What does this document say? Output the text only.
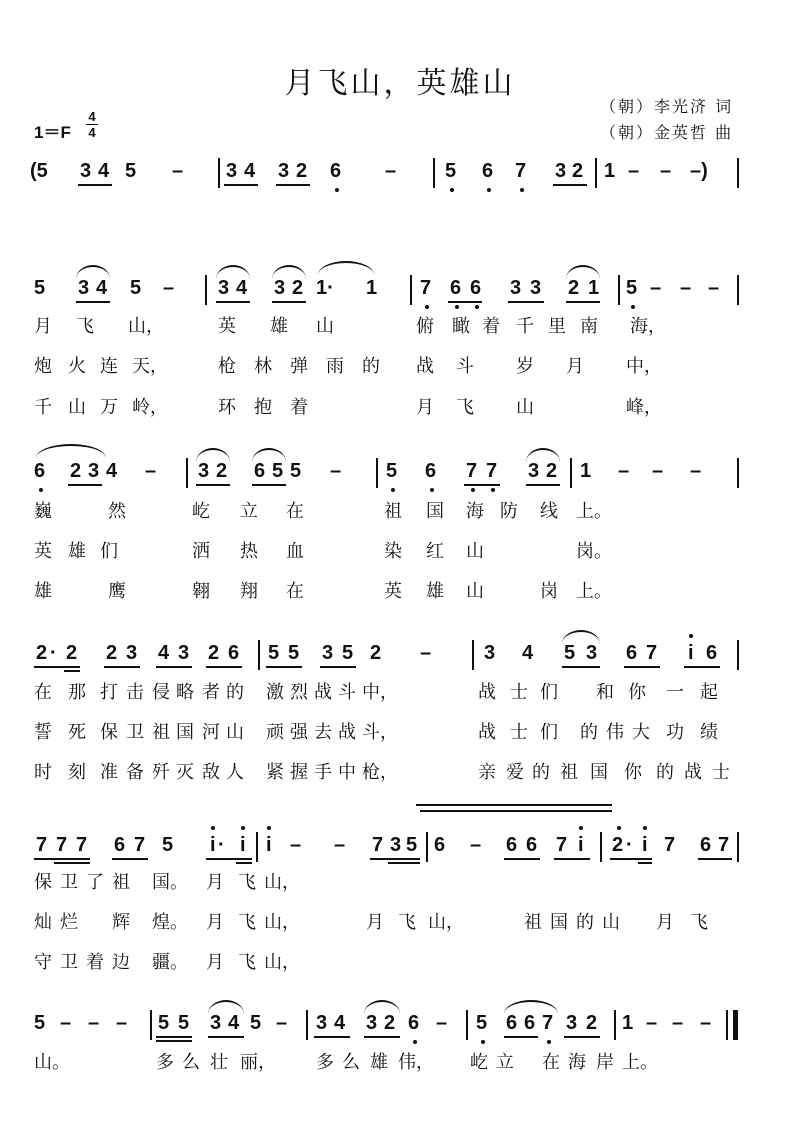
月飞山，英雄山
（朝）李光济 词
（朝）金英哲 曲
1＝F
4
4
(5 3 4 5 – 3 4 3 2 6 – 5 6 7 3 2 1 – – –)
5 3 4 5 – 3 4 3 2 1· 1 7 6 6 3 3 2 1 5 – – –
月 飞 山，	英 雄 山	俯 瞰 着 千 里 南 海，
炮 火 连 天，	枪 林 弹 雨 的 战 斗 岁 月 中，
千 山 万 岭，	环 抱 着	月 飞 山	峰，
6 2 3 4 – 3 2 6 5 5 – 5 6 7 7 3 2 1 – – –
巍	然	屹 立 在	祖 国 海 防 线 上。
英 雄 们	洒 热 血	染 红 山	岗。
雄	鹰	翱 翔 在	英 雄 山	岗 上。
2 · 2 2 3 4 3 2 6 5 5 3 5 2 –	3 4 5 3 6 7 i 6
在 那 打 击 侵 略 者 的 激 烈 战 斗 中，	战 士 们 和 你 一 起
誓 死 保 卫 祖 国 河 山 顽 强 去 战 斗，	战 士 们 的 伟 大 功 绩
时 刻 准 备 歼 灭 敌 人 紧 握 手 中 枪，	亲 爱 的 祖 国 你 的 战 士
7 7 7 6 7 5 i · i i – – 7 3 5 6 – 6 6 7 i 2 · i 7 6 7
保 卫 了 祖 国。 月 飞 山，
灿 烂 辉 煌。 月 飞 山，	月 飞 山，	祖 国 的 山 月 飞
守 卫 着 边 疆。 月 飞 山，
5 – – – 5 5 3 4 5 – 3 4 3 2 6 – 5 6 6 7 3 2 1 – – –
山。	多 么 壮 丽， 多 么 雄 伟， 屹 立 在 海 岸 上。
